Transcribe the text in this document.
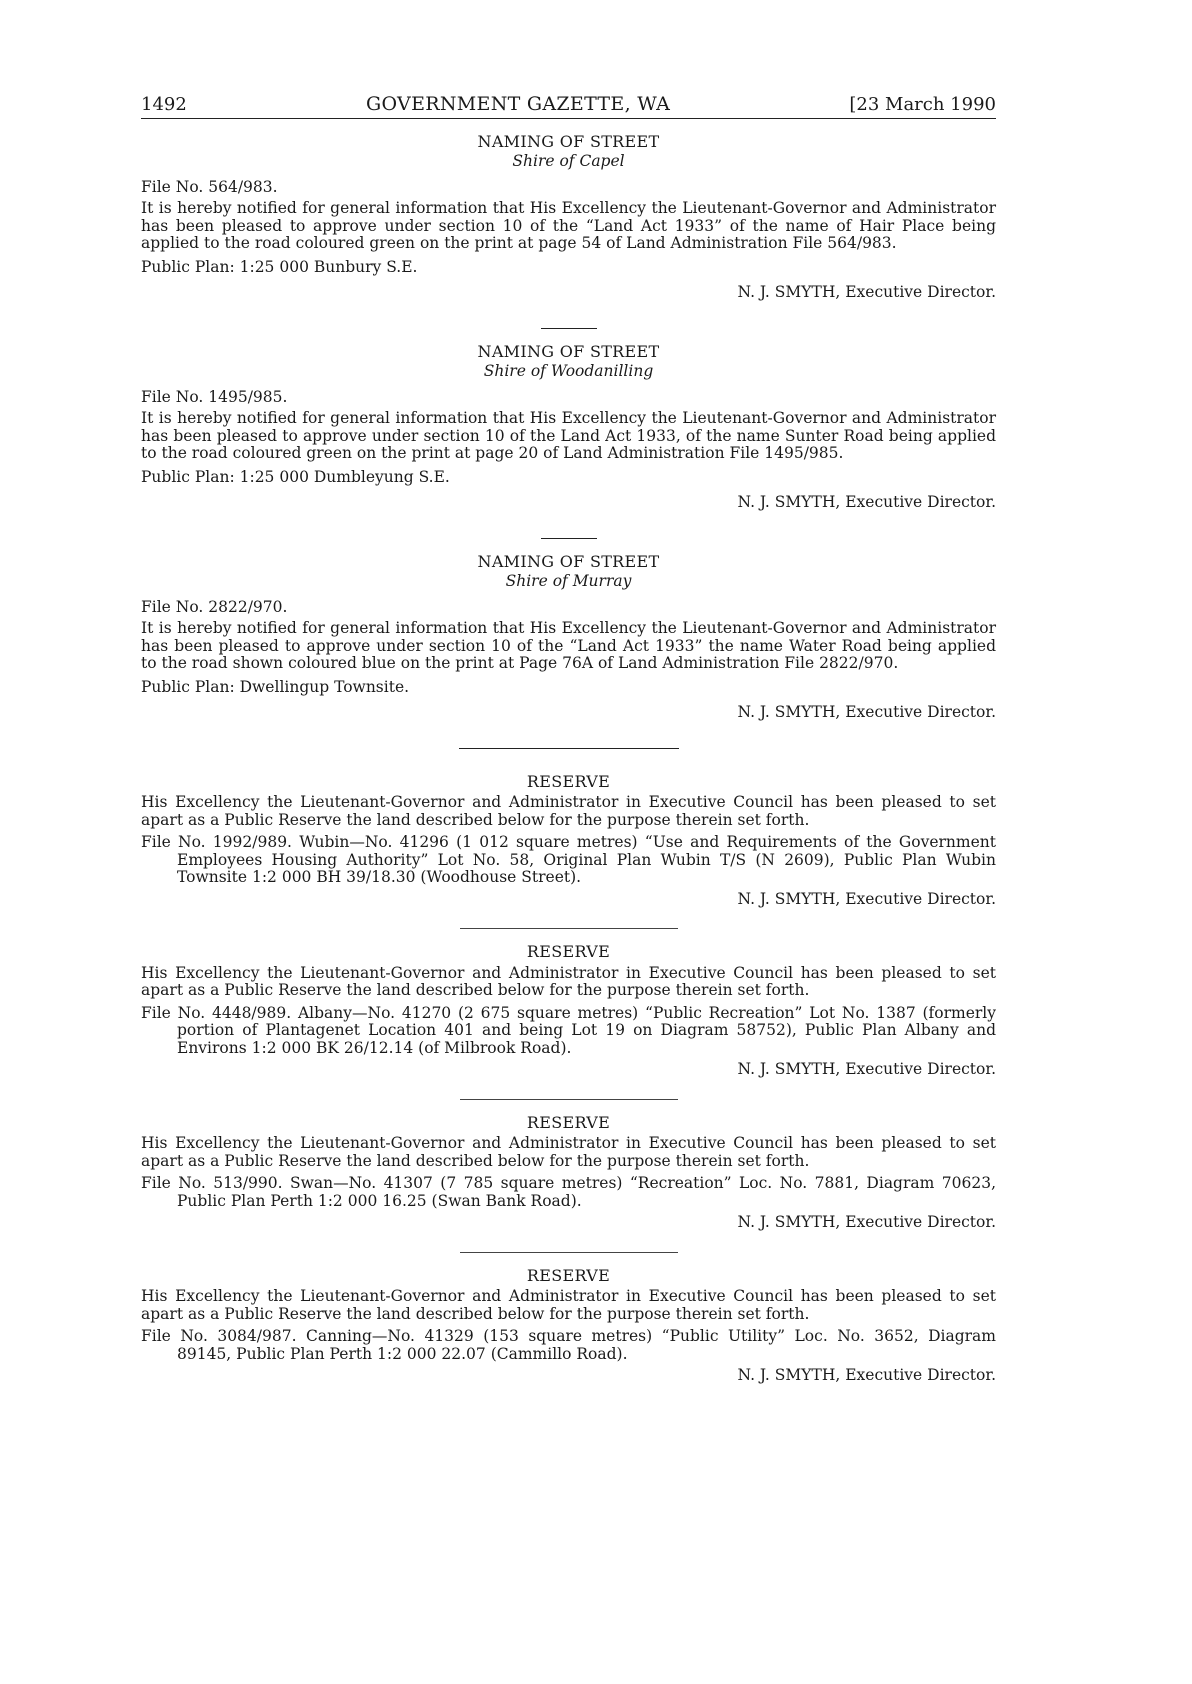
1492	GOVERNMENT GAZETTE, WA	[23 March 1990
NAMING OF STREET
Shire of Capel
File No. 564/983.

It is hereby notified for general information that His Excellency the Lieutenant-Governor and Administrator has been pleased to approve under section 10 of the “Land Act 1933” of the name of Hair Place being applied to the road coloured green on the print at page 54 of Land Administration File 564/983.

Public Plan: 1:25 000 Bunbury S.E.
N. J. SMYTH, Executive Director.
NAMING OF STREET
Shire of Woodanilling
File No. 1495/985.

It is hereby notified for general information that His Excellency the Lieutenant-Governor and Administrator has been pleased to approve under section 10 of the Land Act 1933, of the name Sunter Road being applied to the road coloured green on the print at page 20 of Land Administration File 1495/985.

Public Plan: 1:25 000 Dumbleyung S.E.
N. J. SMYTH, Executive Director.
NAMING OF STREET
Shire of Murray
File No. 2822/970.

It is hereby notified for general information that His Excellency the Lieutenant-Governor and Administrator has been pleased to approve under section 10 of the “Land Act 1933” the name Water Road being applied to the road shown coloured blue on the print at Page 76A of Land Administration File 2822/970.

Public Plan: Dwellingup Townsite.
N. J. SMYTH, Executive Director.
RESERVE

His Excellency the Lieutenant-Governor and Administrator in Executive Council has been pleased to set apart as a Public Reserve the land described below for the purpose therein set forth.

File No. 1992/989. Wubin—No. 41296 (1 012 square metres) “Use and Requirements of the Government Employees Housing Authority” Lot No. 58, Original Plan Wubin T/S (N 2609), Public Plan Wubin Townsite 1:2 000 BH 39/18.30 (Woodhouse Street).
N. J. SMYTH, Executive Director.
RESERVE

His Excellency the Lieutenant-Governor and Administrator in Executive Council has been pleased to set apart as a Public Reserve the land described below for the purpose therein set forth.

File No. 4448/989. Albany—No. 41270 (2 675 square metres) “Public Recreation” Lot No. 1387 (formerly portion of Plantagenet Location 401 and being Lot 19 on Diagram 58752), Public Plan Albany and Environs 1:2 000 BK 26/12.14 (of Milbrook Road).
N. J. SMYTH, Executive Director.
RESERVE

His Excellency the Lieutenant-Governor and Administrator in Executive Council has been pleased to set apart as a Public Reserve the land described below for the purpose therein set forth.

File No. 513/990. Swan—No. 41307 (7 785 square metres) “Recreation” Loc. No. 7881, Diagram 70623, Public Plan Perth 1:2 000 16.25 (Swan Bank Road).
N. J. SMYTH, Executive Director.
RESERVE

His Excellency the Lieutenant-Governor and Administrator in Executive Council has been pleased to set apart as a Public Reserve the land described below for the purpose therein set forth.

File No. 3084/987. Canning—No. 41329 (153 square metres) “Public Utility” Loc. No. 3652, Diagram 89145, Public Plan Perth 1:2 000 22.07 (Cammillo Road).
N. J. SMYTH, Executive Director.
